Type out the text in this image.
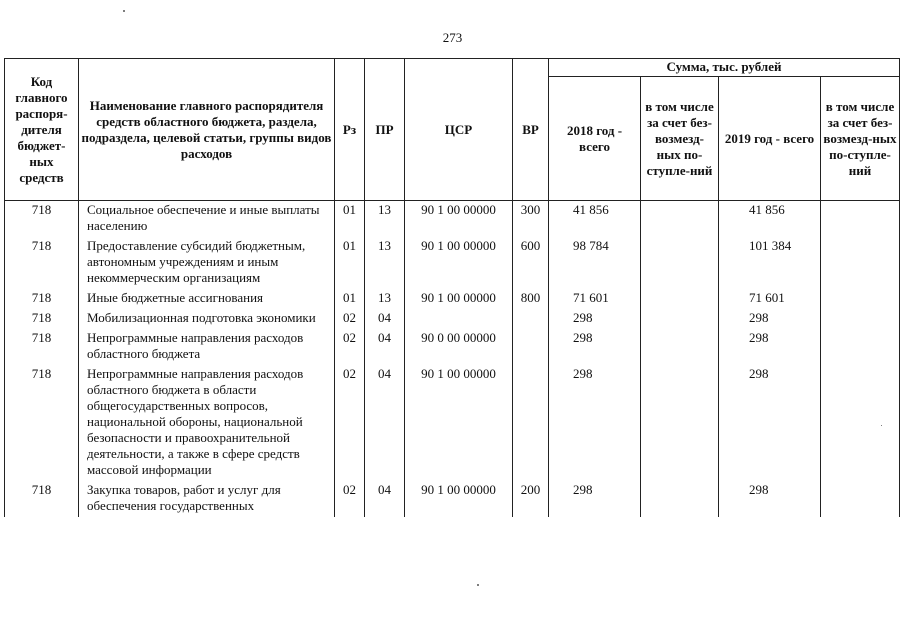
273
Код главного распоря-дителя бюджет-ных средств	Наименование главного распорядителя средств областного бюджета, раздела, подраздела, целевой статьи, группы видов расходов	Рз	ПР	ЦСР	ВР	Сумма, тыс. рублей			
						2018 год - всего	в том числе за счет без-возмезд-ных по-ступле-ний	2019 год - всего	в том числе за счет без-возмезд-ных по-ступле-ний
718	Социальное обеспечение и иные выплаты населению	01	13	90 1 00 00000	300	41 856		41 856	
718	Предоставление субсидий бюджетным, автономным учреждениям и иным некоммерческим организациям	01	13	90 1 00 00000	600	98 784		101 384	
718	Иные бюджетные ассигнования	01	13	90 1 00 00000	800	71 601		71 601	
718	Мобилизационная подготовка экономики	02	04			298		298	
718	Непрограммные направления расходов областного бюджета	02	04	90 0 00 00000		298		298	
718	Непрограммные направления расходов областного бюджета в области общегосударственных вопросов, национальной обороны, национальной безопасности и правоохранительной деятельности, а также в сфере средств массовой информации	02	04	90 1 00 00000		298		298	
718	Закупка товаров, работ и услуг для обеспечения государственных	02	04	90 1 00 00000	200	298		298	
